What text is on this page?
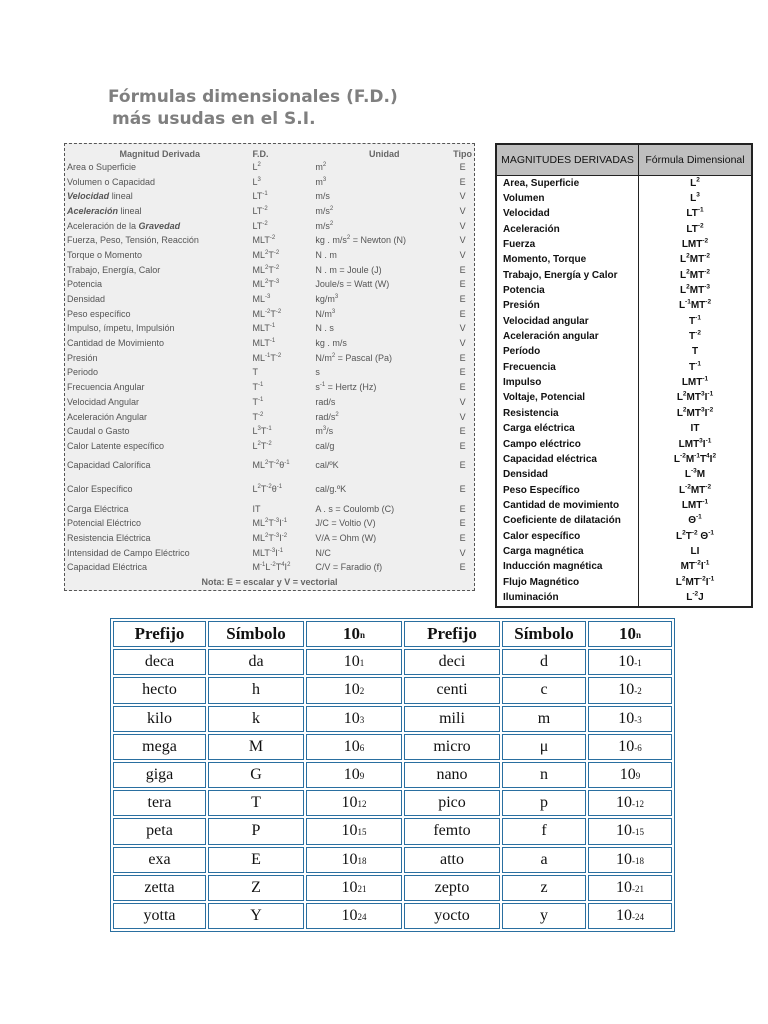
Fórmulas dimensionales (F.D.)
más usudas en el S.I.
Magnitud Derivada	F.D.	Unidad	Tipo
Area o Superficie	$L^2$	$m^2$	E
Volumen o Capacidad	$L^3$	$m^3$	E
Velocidad lineal	$LT^{-1}$	m/s	V
Aceleración lineal	$LT^{-2}$	$m/s^2$	V
Aceleración de la Gravedad	$LT^{-2}$	$m/s^2$	V
Fuerza, Peso, Tensión, Reacción	$MLT^{-2}$	kg . $m/s^2$ = Newton (N)	V
Torque o Momento	$ML^2T^{-2}$	N . m	V
Trabajo, Energía, Calor	$ML^2T^{-2}$	N . m = Joule (J)	E
Potencia	$ML^2T^{-3}$	Joule/s = Watt (W)	E
Densidad	$ML^{-3}$	$kg/m^3$	E
Peso específico	$ML^{-2}T^{-2}$	$N/m^3$	E
Impulso, ímpetu, Impulsión	$MLT^{-1}$	N . s	V
Cantidad de Movimiento	$MLT^{-1}$	kg . m/s	V
Presión	$ML^{-1}T^{-2}$	$N/m^2$ = Pascal (Pa)	E
Periodo	T	s	E
Frecuencia Angular	$T^{-1}$	$s^{-1}$ = Hertz (Hz)	E
Velocidad Angular	$T^{-1}$	rad/s	V
Aceleración Angular	$T^{-2}$	rad/$s^2$	V
Caudal o Gasto	$L^3T^{-1}$	$m^3/s$	E
Calor Latente específico	$L^2T^{-2}$	cal/g	E
Capacidad Calorífica	$ML^2T^{-2}\theta^{-1}$	cal/ºK	E
Calor Específico	$L^2T^{-2}\theta^{-1}$	cal/g.ºK	E
Carga Eléctrica	IT	A . s = Coulomb (C)	E
Potencial Eléctrico	$ML^2T^{-3}I^{-1}$	J/C = Voltio (V)	E
Resistencia Eléctrica	$ML^2T^{-3}I^{-2}$	V/A = Ohm (W)	E
Intensidad de Campo Eléctrico	$MLT^{-3}I^{-1}$	N/C	V
Capacidad Eléctrica	$M^{-1}L^{-2}T^4I^2$	C/V = Faradio (f)	E
Nota: E = escalar y V = vectorial
MAGNITUDES DERIVADAS	Fórmula Dimensional
Area, Superficie	$L^2$
Volumen	$L^3$
Velocidad	$LT^{-1}$
Aceleración	$LT^{-2}$
Fuerza	$LMT^{-2}$
Momento, Torque	$L^2MT^{-2}$
Trabajo, Energía y Calor	$L^2MT^{-2}$
Potencia	$L^2MT^{-3}$
Presión	$L^{-1}MT^{-2}$
Velocidad angular	$T^{-1}$
Aceleración angular	$T^{-2}$
Período	T
Frecuencia	$T^{-1}$
Impulso	$LMT^{-1}$
Voltaje, Potencial	$L^2MT^3I^{-1}$
Resistencia	$L^2MT^3I^{-2}$
Carga eléctrica	IT
Campo eléctrico	$LMT^3I^{-1}$
Capacidad eléctrica	$L^{-2}M^{-1}T^4I^2$
Densidad	$L^{-3}M$
Peso Específico	$L^{-2}MT^{-2}$
Cantidad de movimiento	$LMT^{-1}$
Coeficiente de dilatación	$\Theta^{-1}$
Calor específico	$L^2T^{-2}$ $\Theta^{-1}$
Carga magnética	LI
Inducción magnética	$MT^{-2}I^{-1}$
Flujo Magnético	$L^2MT^{-2}I^{-1}$
Iluminación	$L^{-2}J$
Prefijo	Símbolo	10$^n$	Prefijo	Símbolo	10$^n$
deca	da	$10^1$	deci	d	$10^{-1}$
hecto	h	$10^2$	centi	c	$10^{-2}$
kilo	k	$10^3$	mili	m	$10^{-3}$
mega	M	$10^6$	micro	μ	$10^{-6}$
giga	G	$10^9$	nano	n	$10^9$
tera	T	$10^{12}$	pico	p	$10^{-12}$
peta	P	$10^{15}$	femto	f	$10^{-15}$
exa	E	$10^{18}$	atto	a	$10^{-18}$
zetta	Z	$10^{21}$	zepto	z	$10^{-21}$
yotta	Y	$10^{24}$	yocto	y	$10^{-24}$
